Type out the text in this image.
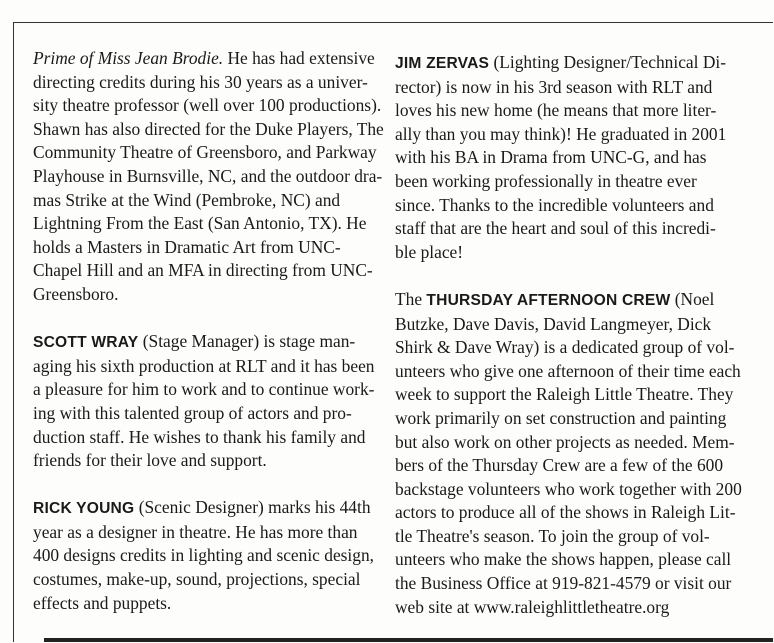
Prime of Miss Jean Brodie. He has had extensive
directing credits during his 30 years as a univer-
sity theatre professor (well over 100 productions).
Shawn has also directed for the Duke Players, The
Community Theatre of Greensboro, and Parkway
Playhouse in Burnsville, NC, and the outdoor dra-
mas Strike at the Wind (Pembroke, NC) and
Lightning From the East (San Antonio, TX). He
holds a Masters in Dramatic Art from UNC-
Chapel Hill and an MFA in directing from UNC-
Greensboro.
SCOTT WRAY (Stage Manager) is stage man-
aging his sixth production at RLT and it has been
a pleasure for him to work and to continue work-
ing with this talented group of actors and pro-
duction staff. He wishes to thank his family and
friends for their love and support.
RICK YOUNG (Scenic Designer) marks his 44th
year as a designer in theatre. He has more than
400 designs credits in lighting and scenic design,
costumes, make-up, sound, projections, special
effects and puppets.
JIM ZERVAS (Lighting Designer/Technical Di-
rector) is now in his 3rd season with RLT and
loves his new home (he means that more liter-
ally than you may think)! He graduated in 2001
with his BA in Drama from UNC-G, and has
been working professionally in theatre ever
since. Thanks to the incredible volunteers and
staff that are the heart and soul of this incredi-
ble place!
The THURSDAY AFTERNOON CREW (Noel
Butzke, Dave Davis, David Langmeyer, Dick
Shirk & Dave Wray) is a dedicated group of vol-
unteers who give one afternoon of their time each
week to support the Raleigh Little Theatre. They
work primarily on set construction and painting
but also work on other projects as needed. Mem-
bers of the Thursday Crew are a few of the 600
backstage volunteers who work together with 200
actors to produce all of the shows in Raleigh Lit-
tle Theatre's season. To join the group of vol-
unteers who make the shows happen, please call
the Business Office at 919-821-4579 or visit our
web site at www.raleighlittletheatre.org
